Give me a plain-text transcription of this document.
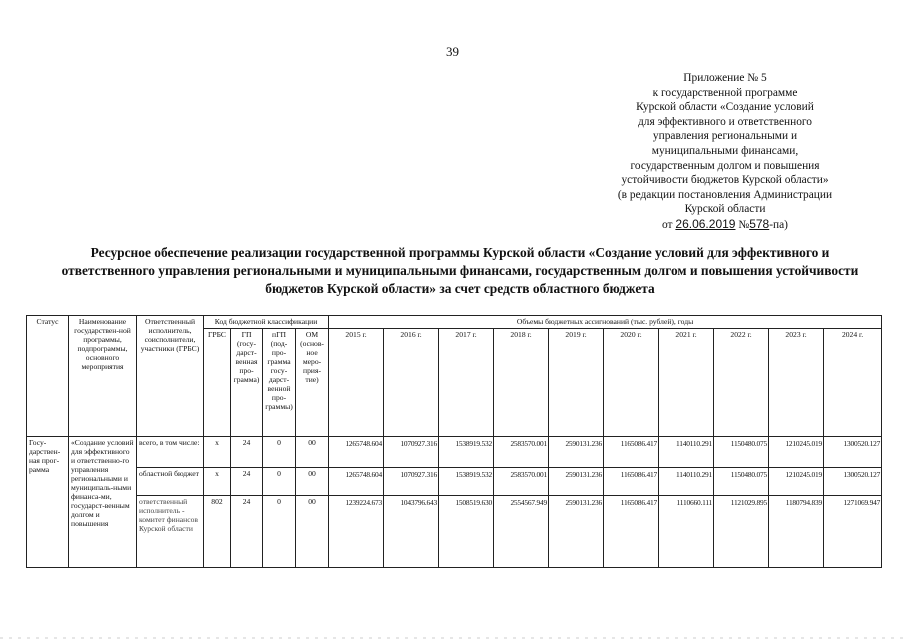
39
Приложение № 5
к государственной программе
Курской области «Создание условий
для эффективного и ответственного
управления региональными и
муниципальными финансами,
государственным долгом и повышения
устойчивости бюджетов Курской области»
(в редакции постановления Администрации
Курской области
от 26.06.2019 №578-па)
Ресурсное обеспечение реализации государственной программы Курской области «Создание условий для эффективного и ответственного управления региональными и муниципальными финансами, государственным долгом и повышения устойчивости бюджетов Курской области» за счет средств областного бюджета
Статус	Наименование государствен-ной программы, подпрограммы, основного мероприятия	Ответственный исполнитель, соисполнители, участники (ГРБС)	Код бюджетной классификации				Объемы бюджетных ассигнований (тыс. рублей), годы									
			ГРБС	ГП (госу-дарст-венная про-грамма)	пГП (под-про-грамма госу-дарст-венной про-граммы)	ОМ (основ-ное меро-прия-тие)	2015 г.	2016 г.	2017 г.	2018 г.	2019 г.	2020 г.	2021 г.	2022 г.	2023 г.	2024 г.
Госу-дарствен-ная прог-рамма	«Создание условий для эффективного и ответственно-го управления региональными и муниципаль-ными финанса-ми, государст-венным долгом и повышения	всего, в том числе:	х	24	0	00	1265748.604	1070927.316	1538919.532	2583570.001	2590131.236	1165086.417	1140110.291	1150480.075	1210245.019	1300520.127
		областной бюджет	х	24	0	00	1265748.604	1070927.316	1538919.532	2583570.001	2590131.236	1165086.417	1140110.291	1150480.075	1210245.019	1300520.127
		ответственный исполнитель - комитет финансов Курской области	802	24	0	00	1239224.673	1043796.643	1508519.630	2554567.949	2590131.236	1165086.417	1110660.111	1121029.895	1180794.839	1271069.947
